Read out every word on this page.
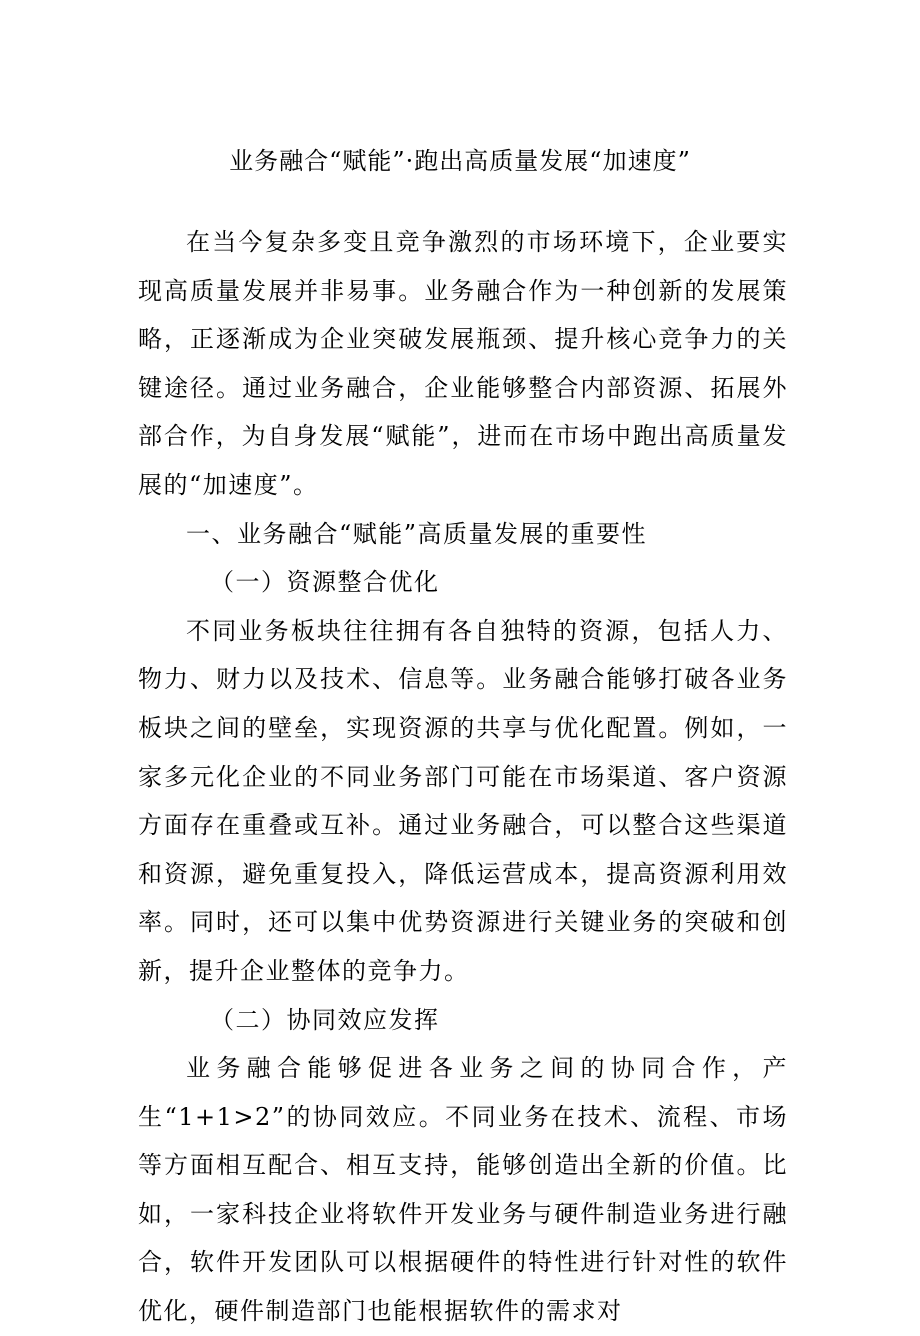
业务融合“赋能”·跑出高质量发展“加速度”

在当今复杂多变且竞争激烈的市场环境下，企业要实现高质量发展并非易事。业务融合作为一种创新的发展策略，正逐渐成为企业突破发展瓶颈、提升核心竞争力的关键途径。通过业务融合，企业能够整合内部资源、拓展外部合作，为自身发展“赋能”，进而在市场中跑出高质量发展的“加速度”。

一、业务融合“赋能”高质量发展的重要性

（一）资源整合优化

不同业务板块往往拥有各自独特的资源，包括人力、物力、财力以及技术、信息等。业务融合能够打破各业务板块之间的壁垒，实现资源的共享与优化配置。例如，一家多元化企业的不同业务部门可能在市场渠道、客户资源方面存在重叠或互补。通过业务融合，可以整合这些渠道和资源，避免重复投入，降低运营成本，提高资源利用效率。同时，还可以集中优势资源进行关键业务的突破和创新，提升企业整体的竞争力。

（二）协同效应发挥

业务融合能够促进各业务之间的协同合作，产生“1+1>2”的协同效应。不同业务在技术、流程、市场等方面相互配合、相互支持，能够创造出全新的价值。比如，一家科技企业将软件开发业务与硬件制造业务进行融合，软件开发团队可以根据硬件的特性进行针对性的软件优化，硬件制造部门也能根据软件的需求对
